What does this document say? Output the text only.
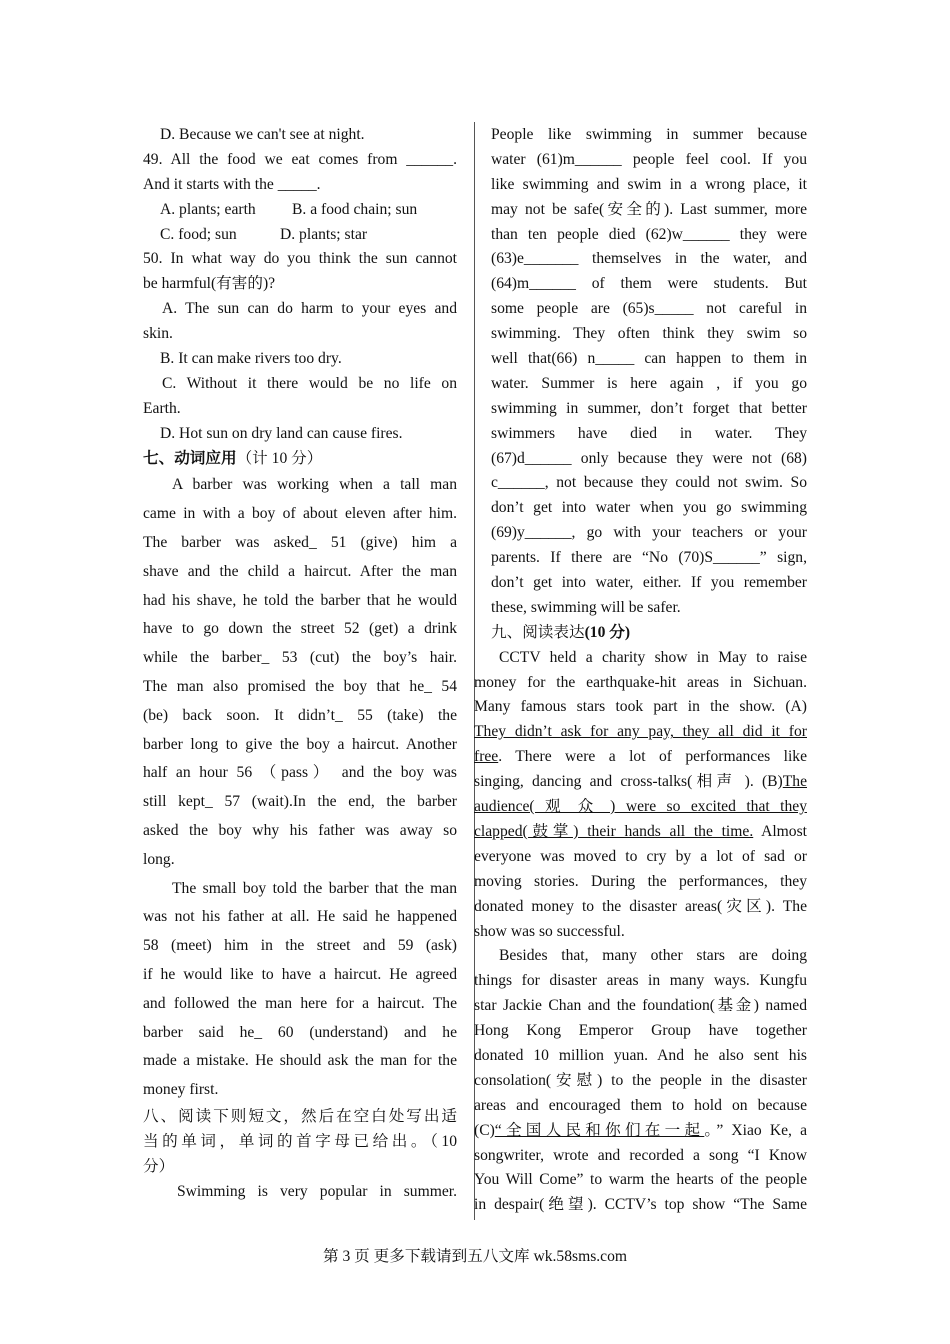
D. Because we can't see at night.
49. All the food we eat comes from ______.
And it starts with the _____.
A. plants; earth	B. a food chain; sun
C. food; sun	D. plants; star
50. In what way do you think the sun cannot
be harmful(有害的)?
A. The sun can do harm to your eyes and
skin.
B. It can make rivers too dry.
C. Without it there would be no life on
Earth.
D. Hot sun on dry land can cause fires.
七、动词应用（计 10 分）
A barber was working when a tall man
came in with a boy of about eleven after him.
The barber was asked_ 51 (give) him a
shave and the child a haircut. After the man
had his shave, he told the barber that he would
have to go down the street 52 (get) a drink
while the barber_ 53 (cut) the boy’s hair.
The man also promised the boy that he_ 54
(be) back soon. It didn’t_ 55 (take) the
barber long to give the boy a haircut. Another
half an hour 56 （pass） and the boy was
still kept_ 57 (wait).In the end, the barber
asked the boy why his father was away so
long.
The small boy told the barber that the man
was not his father at all. He said he happened
58 (meet) him in the street and 59 (ask)
if he would like to have a haircut. He agreed
and followed the man here for a haircut. The
barber said he_ 60 (understand) and he
made a mistake. He should ask the man for the
money first.
八、阅读下则短文，然后在空白处写出适
当的单词，单词的首字母已给出。（10
分）
Swimming is very popular in summer.
People like swimming in summer because
water (61)m______ people feel cool. If you
like swimming and swim in a wrong place, it
may not be safe(安全的). Last summer, more
than ten people died (62)w______ they were
(63)e_______ themselves in the water, and
(64)m______ of them were students. But
some people are (65)s_____ not careful in
swimming. They often think they swim so
well that(66) n_____ can happen to them in
water. Summer is here again , if you go
swimming in summer, don’t forget that better
swimmers have died in water. They
(67)d______ only because they were not (68)
c______, not because they could not swim. So
don’t get into water when you go swimming
(69)y______, go with your teachers or your
parents. If there are “No (70)S______” sign,
don’t get into water, either. If you remember
these, swimming will be safer.
九、阅读表达(10 分)
CCTV held a charity show in May to raise
money for the earthquake-hit areas in Sichuan.
Many famous stars took part in the show. (A)
They didn’t ask for any pay, they all did it for
free. There were a lot of performances like
singing, dancing and cross-talks(相声 ). (B)The
audience( 观 众 ) were so excited that they
clapped(鼓掌) their hands all the time. Almost
everyone was moved to cry by a lot of sad or
moving stories. During the performances, they
donated money to the disaster areas(灾区). The
show was so successful.
Besides that, many other stars are doing
things for disaster areas in many ways. Kungfu
star Jackie Chan and the foundation(基金) named
Hong Kong Emperor Group have together
donated 10 million yuan. And he also sent his
consolation(安慰) to the people in the disaster
areas and encouraged them to hold on because
(C)“全国人民和你们在一起。” Xiao Ke, a
songwriter, wrote and recorded a song “I Know
You Will Come” to warm the hearts of the people
in despair(绝望). CCTV’s top show “The Same
第 3 页 更多下载请到五八文库 wk.58sms.com
